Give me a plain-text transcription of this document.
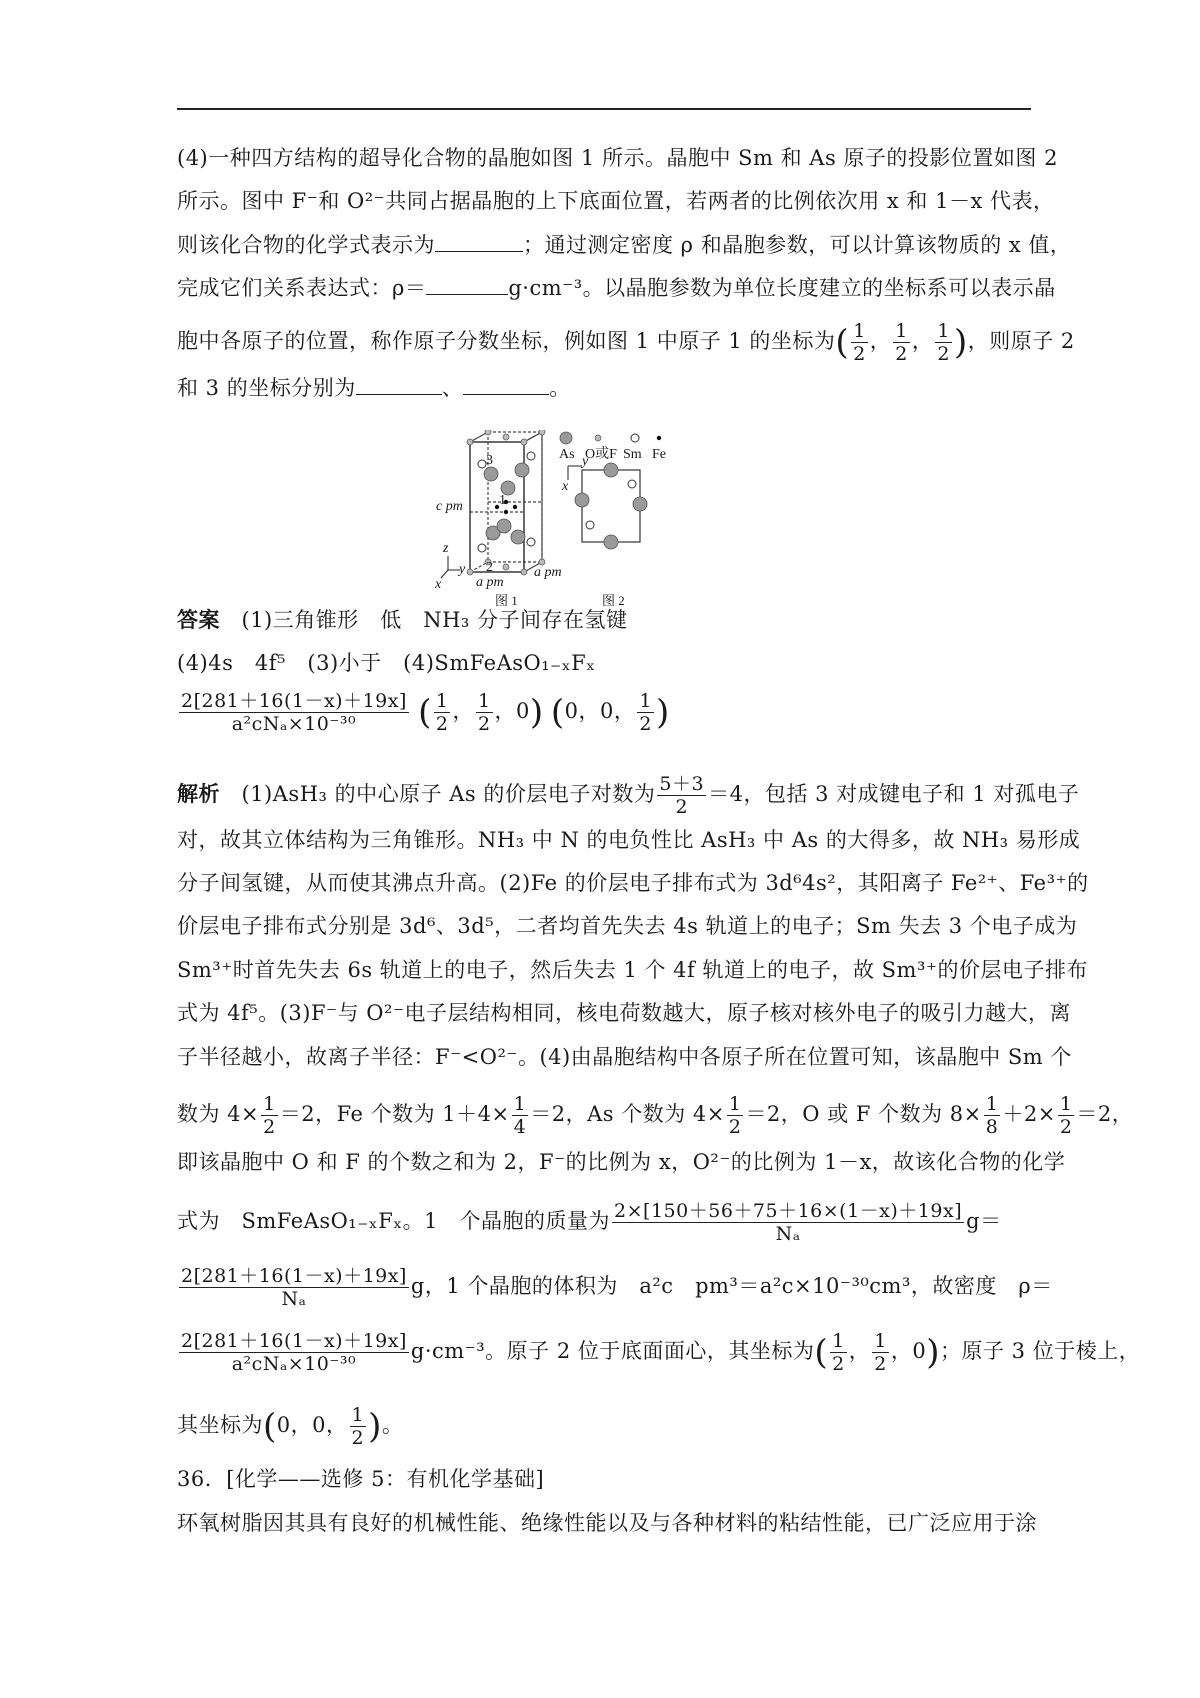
(4)一种四方结构的超导化合物的晶胞如图 1 所示。晶胞中 Sm 和 As 原子的投影位置如图 2
所示。图中 F⁻和 O²⁻共同占据晶胞的上下底面位置，若两者的比例依次用 x 和 1－x 代表，
则该化合物的化学式表示为	；通过测定密度 ρ 和晶胞参数，可以计算该物质的 x 值，
完成它们关系表达式：ρ＝	g·cm⁻³。以晶胞参数为单位长度建立的坐标系可以表示晶
胞中各原子的位置，称作原子分数坐标，例如图 1 中原子 1 的坐标为( $\frac{1}{2}$ ， $\frac{1}{2}$ ， $\frac{1}{2}$ )，则原子 2
和 3 的坐标分别为	、	。
As O或F Sm Fe
c pm
a pm
a pm
1
2
3
z
y
x
y
x
图 1	图 2
答案　 (1)三角锥形　低　NH₃ 分子间存在氢键
(4)4s　4f⁵　(3)小于　(4)SmFeAsO₁₋ₓFₓ
$\frac{2[281+16(1-x)+19x]}{\text{a²cNₐ×10⁻³⁰}}$ ( $\frac{1}{2}$ ， $\frac{1}{2}$ ，0) (0，0， $\frac{1}{2}$ )
解析　 (1)AsH₃ 的中心原子 As 的价层电子对数为 $\frac{5+3}{2} =4$，包括 3 对成键电子和 1 对孤电子
对，故其立体结构为三角锥形。NH₃ 中 N 的电负性比 AsH₃ 中 As 的大得多，故 NH₃ 易形成
分子间氢键，从而使其沸点升高。(2)Fe 的价层电子排布式为 3d⁶4s²，其阳离子 Fe²⁺、Fe³⁺的
价层电子排布式分别是 3d⁶、3d⁵，二者均首先失去 4s 轨道上的电子；Sm 失去 3 个电子成为
Sm³⁺时首先失去 6s 轨道上的电子，然后失去 1 个 4f 轨道上的电子，故 Sm³⁺的价层电子排布
式为 4f⁵。(3)F⁻与 O²⁻电子层结构相同，核电荷数越大，原子核对核外电子的吸引力越大，离
子半径越小，故离子半径：F⁻<O²⁻。(4)由晶胞结构中各原子所在位置可知，该晶胞中 Sm 个
数为 $4\times \frac{1}{2} =2$，Fe 个数为 $1+4\times \frac{1}{4} =2$，As 个数为 $4\times \frac{1}{2} =2$，O 或 F 个数为 $8\times \frac{1}{8} +2\times \frac{1}{2} =2$，
即该晶胞中 O 和 F 的个数之和为 2，F⁻的比例为 x，O²⁻的比例为 1－x，故该化合物的化学
式为　SmFeAsO₁₋ₓFₓ。1　个晶胞的质量为 $\frac{2\times[150+56+75+16\times(1-x)+19x]}{\text{Nₐ}} g=$
$\frac{2[281+16(1-x)+19x]}{\text{Nₐ}}$ g，1 个晶胞的体积为　a²c　pm³＝a²c×10⁻³⁰cm³，故密度　ρ＝
$\frac{2[281+16(1-x)+19x]}{\text{a²cNₐ×10⁻³⁰}} g\cdot cm^{-3}$。原子 2 位于底面面心，其坐标为( $\frac{1}{2}$ ， $\frac{1}{2}$ ，0)；原子 3 位于棱上，
其坐标为(0，0， $\frac{1}{2}$ )。
36．[化学——选修 5：有机化学基础]
环氧树脂因其具有良好的机械性能、绝缘性能以及与各种材料的粘结性能，已广泛应用于涂
